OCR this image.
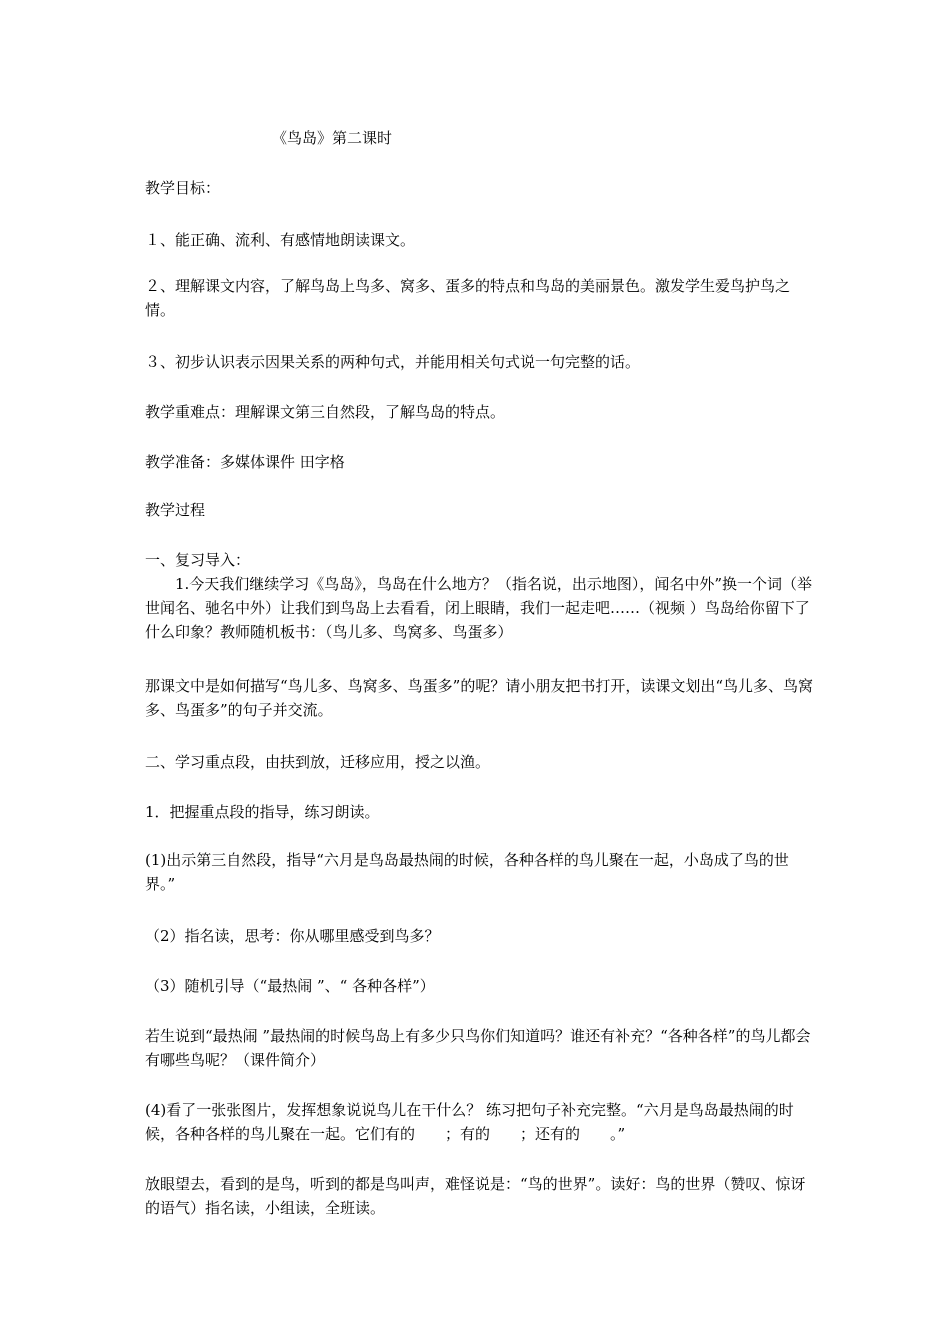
《鸟岛》第二课时
教学目标：
１、能正确、流利、有感情地朗读课文。
２、理解课文内容，了解鸟岛上鸟多、窝多、蛋多的特点和鸟岛的美丽景色。激发学生爱鸟护鸟之情。
３、初步认识表示因果关系的两种句式，并能用相关句式说一句完整的话。
教学重难点：理解课文第三自然段，了解鸟岛的特点。
教学准备：多媒体课件 田字格
教学过程
一、复习导入：
1.今天我们继续学习《鸟岛》，鸟岛在什么地方？（指名说，出示地图），闻名中外”换一个词（举世闻名、驰名中外）让我们到鸟岛上去看看，闭上眼睛，我们一起走吧……（视频 ）鸟岛给你留下了什么印象？教师随机板书：（鸟儿多、鸟窝多、鸟蛋多）
那课文中是如何描写“鸟儿多、鸟窝多、鸟蛋多”的呢？请小朋友把书打开，读课文划出“鸟儿多、鸟窝多、鸟蛋多”的句子并交流。
二、学习重点段，由扶到放，迁移应用，授之以渔。
1．把握重点段的指导，练习朗读。
(1)出示第三自然段，指导“六月是鸟岛最热闹的时候，各种各样的鸟儿聚在一起，小岛成了鸟的世界。”
（2）指名读，思考：你从哪里感受到鸟多？
（3）随机引导（“最热闹 ”、“ 各种各样”）
若生说到“最热闹 ”最热闹的时候鸟岛上有多少只鸟你们知道吗？谁还有补充？“各种各样”的鸟儿都会有哪些鸟呢？（课件简介）
(4)看了一张张图片，发挥想象说说鸟儿在干什么？ 练习把句子补充完整。“六月是鸟岛最热闹的时候，各种各样的鸟儿聚在一起。它们有的　　；有的　　；还有的　　。”
放眼望去，看到的是鸟，听到的都是鸟叫声，难怪说是：“鸟的世界”。读好：鸟的世界（赞叹、惊讶的语气）指名读，小组读，全班读。
